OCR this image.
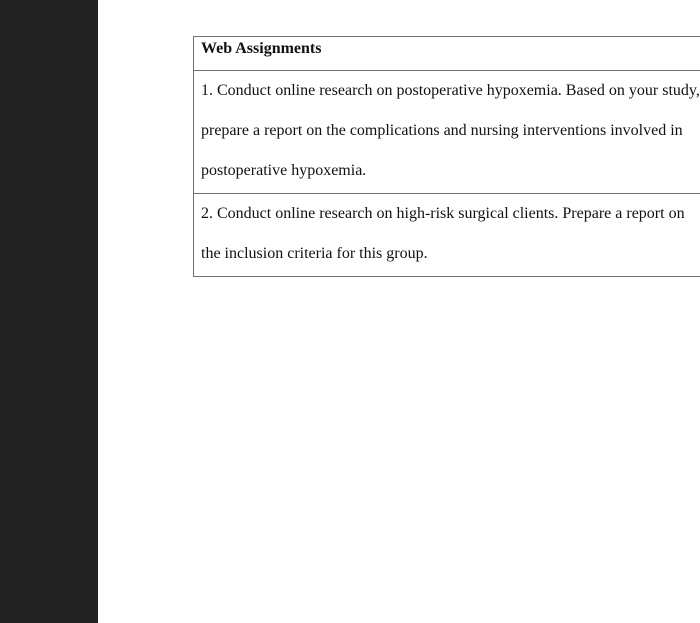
Web Assignments	
1. Conduct online research on postoperative hypoxemia. Based on your study, prepare a report on the complications and nursing interventions involved in postoperative hypoxemia.	
2. Conduct online research on high-risk surgical clients. Prepare a report on the inclusion criteria for this group.	
